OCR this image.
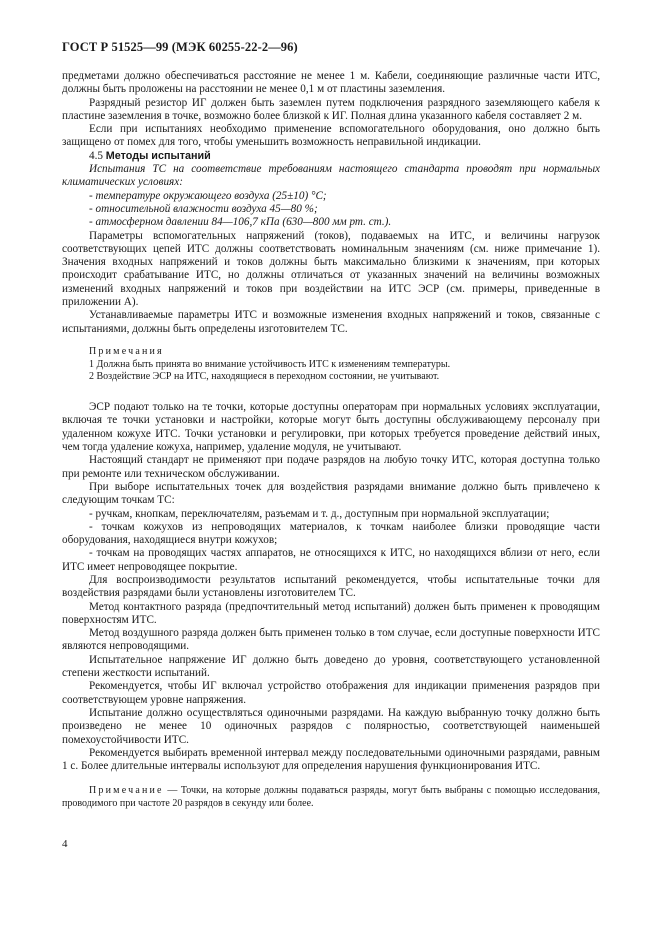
ГОСТ Р 51525—99 (МЭК 60255-22-2—96)

предметами должно обеспечиваться расстояние не менее 1 м. Кабели, соединяющие различные части ИТС, должны быть проложены на расстоянии не менее 0,1 м от пластины заземления.

Разрядный резистор ИГ должен быть заземлен путем подключения разрядного заземляющего кабеля к пластине заземления в точке, возможно более близкой к ИГ. Полная длина указанного кабеля составляет 2 м.

Если при испытаниях необходимо применение вспомогательного оборудования, оно должно быть защищено от помех для того, чтобы уменьшить возможность неправильной индикации.

4.5 Методы испытаний

Испытания ТС на соответствие требованиям настоящего стандарта проводят при нормальных климатических условиях:

- температуре окружающего воздуха (25±10) °С;

- относительной влажности воздуха 45—80 %;

- атмосферном давлении 84—106,7 кПа (630—800 мм рт. ст.).

Параметры вспомогательных напряжений (токов), подаваемых на ИТС, и величины нагрузок соответствующих цепей ИТС должны соответствовать номинальным значениям (см. ниже примечание 1). Значения входных напряжений и токов должны быть максимально близкими к значениям, при которых происходит срабатывание ИТС, но должны отличаться от указанных значений на величины возможных изменений входных напряжений и токов при воздействии на ИТС ЭСР (см. примеры, приведенные в приложении А).

Устанавливаемые параметры ИТС и возможные изменения входных напряжений и токов, связанные с испытаниями, должны быть определены изготовителем ТС.

Примечания
1 Должна быть принята во внимание устойчивость ИТС к изменениям температуры.
2 Воздействие ЭСР на ИТС, находящиеся в переходном состоянии, не учитывают.

ЭСР подают только на те точки, которые доступны операторам при нормальных условиях эксплуатации, включая те точки установки и настройки, которые могут быть доступны обслуживающему персоналу при удаленном кожухе ИТС. Точки установки и регулировки, при которых требуется проведение действий иных, чем тогда удаление кожуха, например, удаление модуля, не учитывают.

Настоящий стандарт не применяют при подаче разрядов на любую точку ИТС, которая доступна только при ремонте или техническом обслуживании.

При выборе испытательных точек для воздействия разрядами внимание должно быть привлечено к следующим точкам ТС:

- ручкам, кнопкам, переключателям, разъемам и т. д., доступным при нормальной эксплуатации;

- точкам кожухов из непроводящих материалов, к точкам наиболее близки проводящие части оборудования, находящиеся внутри кожухов;

- точкам на проводящих частях аппаратов, не относящихся к ИТС, но находящихся вблизи от него, если ИТС имеет непроводящее покрытие.

Для воспроизводимости результатов испытаний рекомендуется, чтобы испытательные точки для воздействия разрядами были установлены изготовителем ТС.

Метод контактного разряда (предпочтительный метод испытаний) должен быть применен к проводящим поверхностям ИТС.

Метод воздушного разряда должен быть применен только в том случае, если доступные поверхности ИТС являются непроводящими.

Испытательное напряжение ИГ должно быть доведено до уровня, соответствующего установленной степени жесткости испытаний.

Рекомендуется, чтобы ИГ включал устройство отображения для индикации применения разрядов при соответствующем уровне напряжения.

Испытание должно осуществляться одиночными разрядами. На каждую выбранную точку должно быть произведено не менее 10 одиночных разрядов с полярностью, соответствующей наименьшей помехоустойчивости ИТС.

Рекомендуется выбирать временной интервал между последовательными одиночными разрядами, равным 1 с. Более длительные интервалы используют для определения нарушения функционирования ИТС.

Примечание — Точки, на которые должны подаваться разряды, могут быть выбраны с помощью исследования, проводимого при частоте 20 разрядов в секунду или более.
4
